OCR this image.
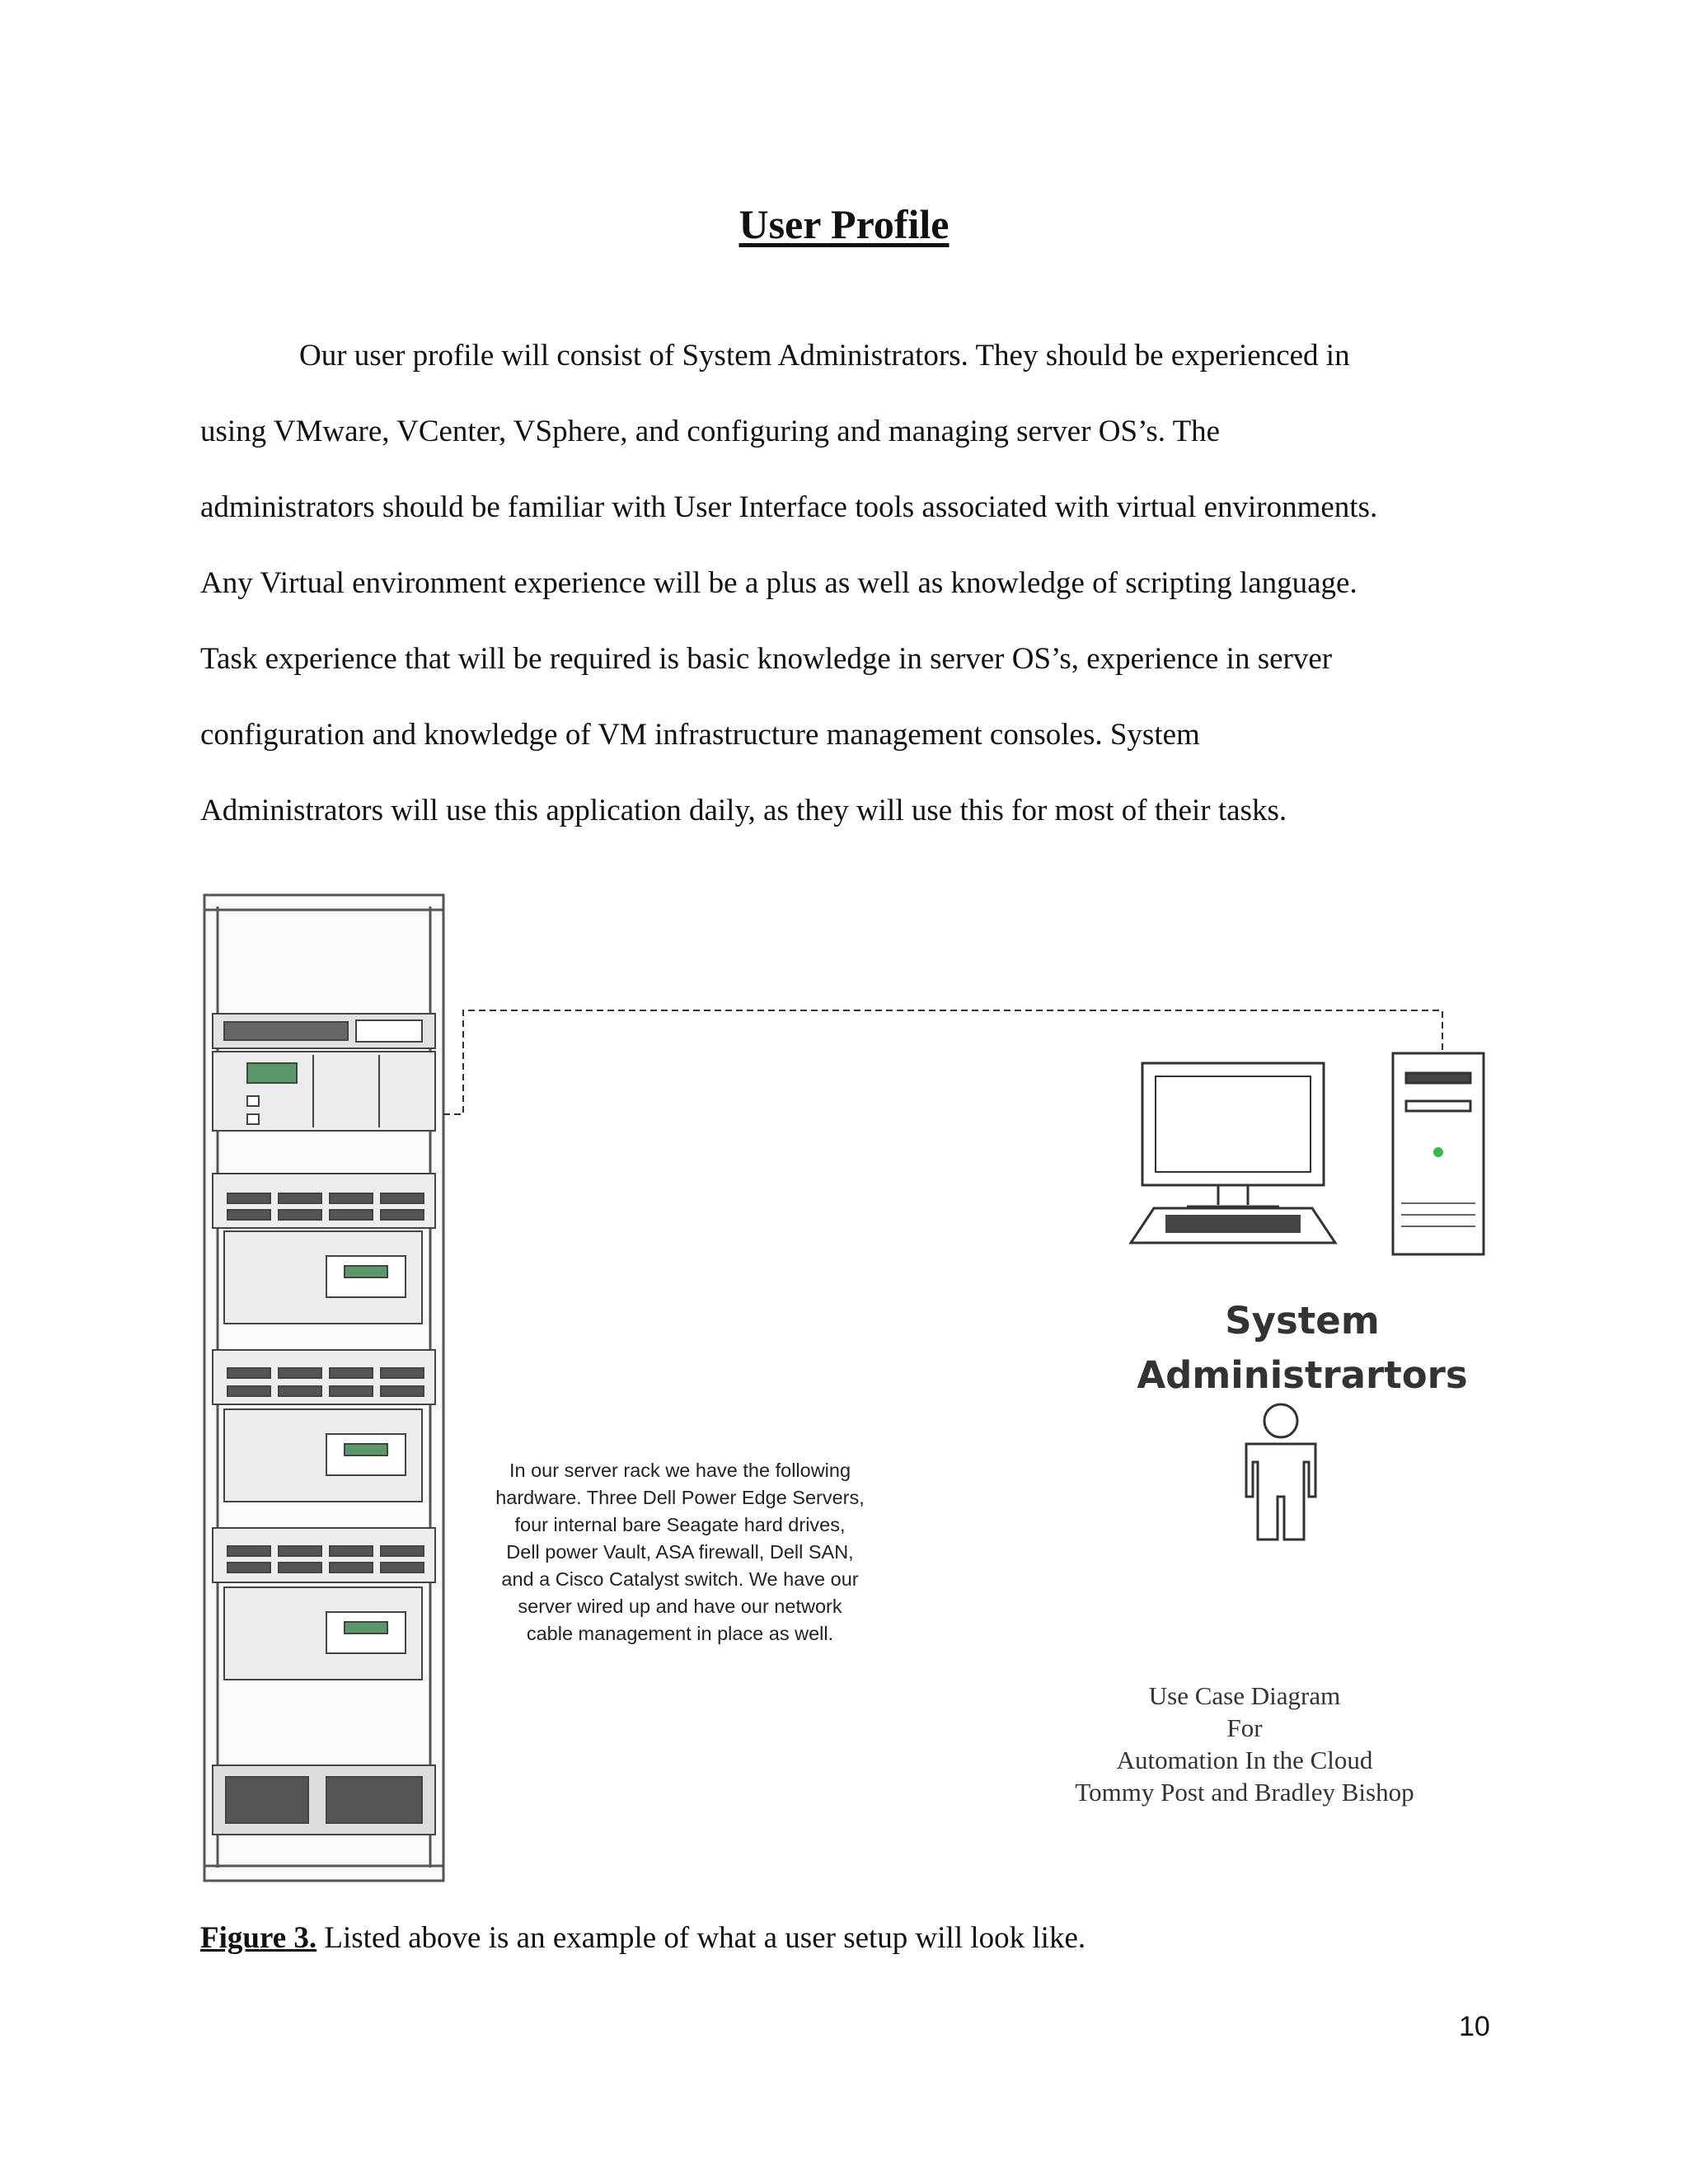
User Profile
Our user profile will consist of System Administrators. They should be experienced in
using VMware, VCenter, VSphere, and configuring and managing server OS’s. The
administrators should be familiar with User Interface tools associated with virtual environments.
Any Virtual environment experience will be a plus as well as knowledge of scripting language.
Task experience that will be required is basic knowledge in server OS’s, experience in server
configuration and knowledge of VM infrastructure management consoles. System
Administrators will use this application daily, as they will use this for most of their tasks.
In our server rack we have the following
hardware. Three Dell Power Edge Servers,
four internal bare Seagate hard drives,
Dell power Vault, ASA firewall, Dell SAN,
and a Cisco Catalyst switch. We have our
server wired up and have our network
cable management in place as well.
System
Administrartors
Use Case Diagram
For
Automation In the Cloud
Tommy Post and Bradley Bishop
Figure 3. Listed above is an example of what a user setup will look like.
10
